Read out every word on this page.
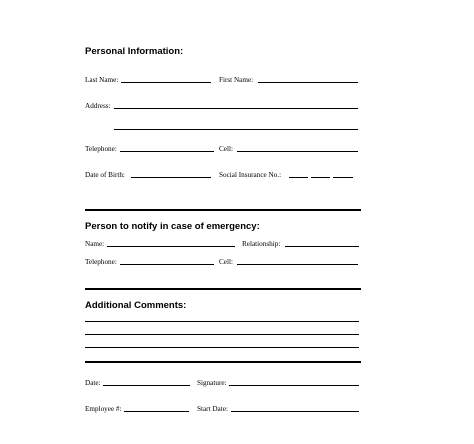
Personal Information:
Last Name:	First Name:
Address:
Telephone:	Cell:
Date of Birth:	Social Insurance No.:
Person to notify in case of emergency:
Name:	Relationship:
Telephone:	Cell:
Additional Comments:
Date:	Signature:
Employee #:	Start Date:
